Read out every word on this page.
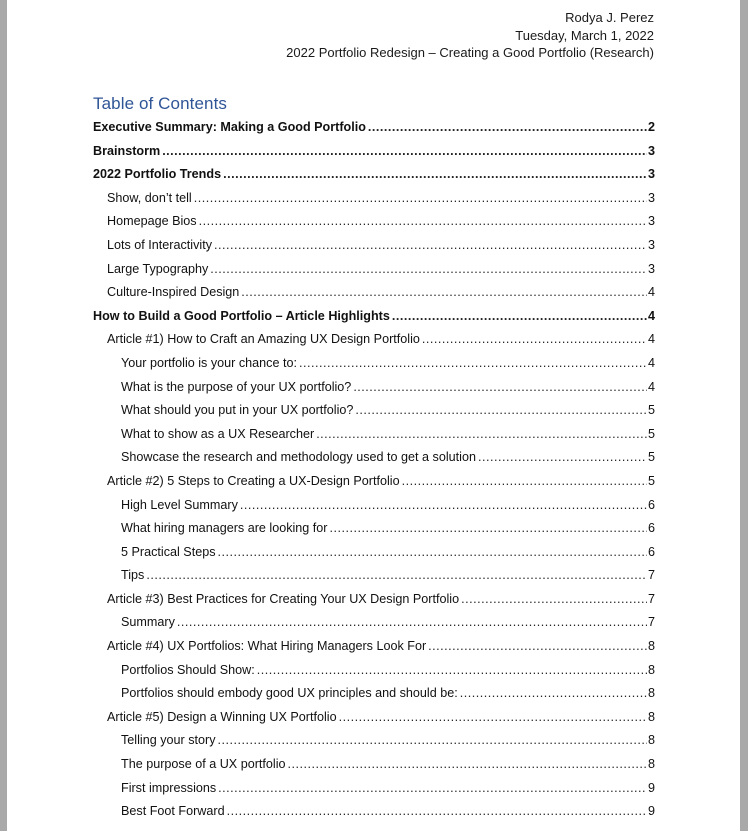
Rodya J. Perez
Tuesday, March 1, 2022
2022 Portfolio Redesign – Creating a Good Portfolio (Research)
Table of Contents
Executive Summary: Making a Good Portfolio .....	2
Brainstorm .....	3
2022 Portfolio Trends .....	3
Show, don’t tell .....	3
Homepage Bios .....	3
Lots of Interactivity .....	3
Large Typography .....	3
Culture-Inspired Design .....	4
How to Build a Good Portfolio – Article Highlights .....	4
Article #1) How to Craft an Amazing UX Design Portfolio .....	4
Your portfolio is your chance to: .....	4
What is the purpose of your UX portfolio? .....	4
What should you put in your UX portfolio? .....	5
What to show as a UX Researcher .....	5
Showcase the research and methodology used to get a solution .....	5
Article #2) 5 Steps to Creating a UX-Design Portfolio .....	5
High Level Summary .....	6
What hiring managers are looking for .....	6
5 Practical Steps .....	6
Tips .....	7
Article #3) Best Practices for Creating Your UX Design Portfolio .....	7
Summary .....	7
Article #4) UX Portfolios: What Hiring Managers Look For .....	8
Portfolios Should Show: .....	8
Portfolios should embody good UX principles and should be: .....	8
Article #5) Design a Winning UX Portfolio .....	8
Telling your story .....	8
The purpose of a UX portfolio .....	8
First impressions .....	9
Best Foot Forward .....	9
